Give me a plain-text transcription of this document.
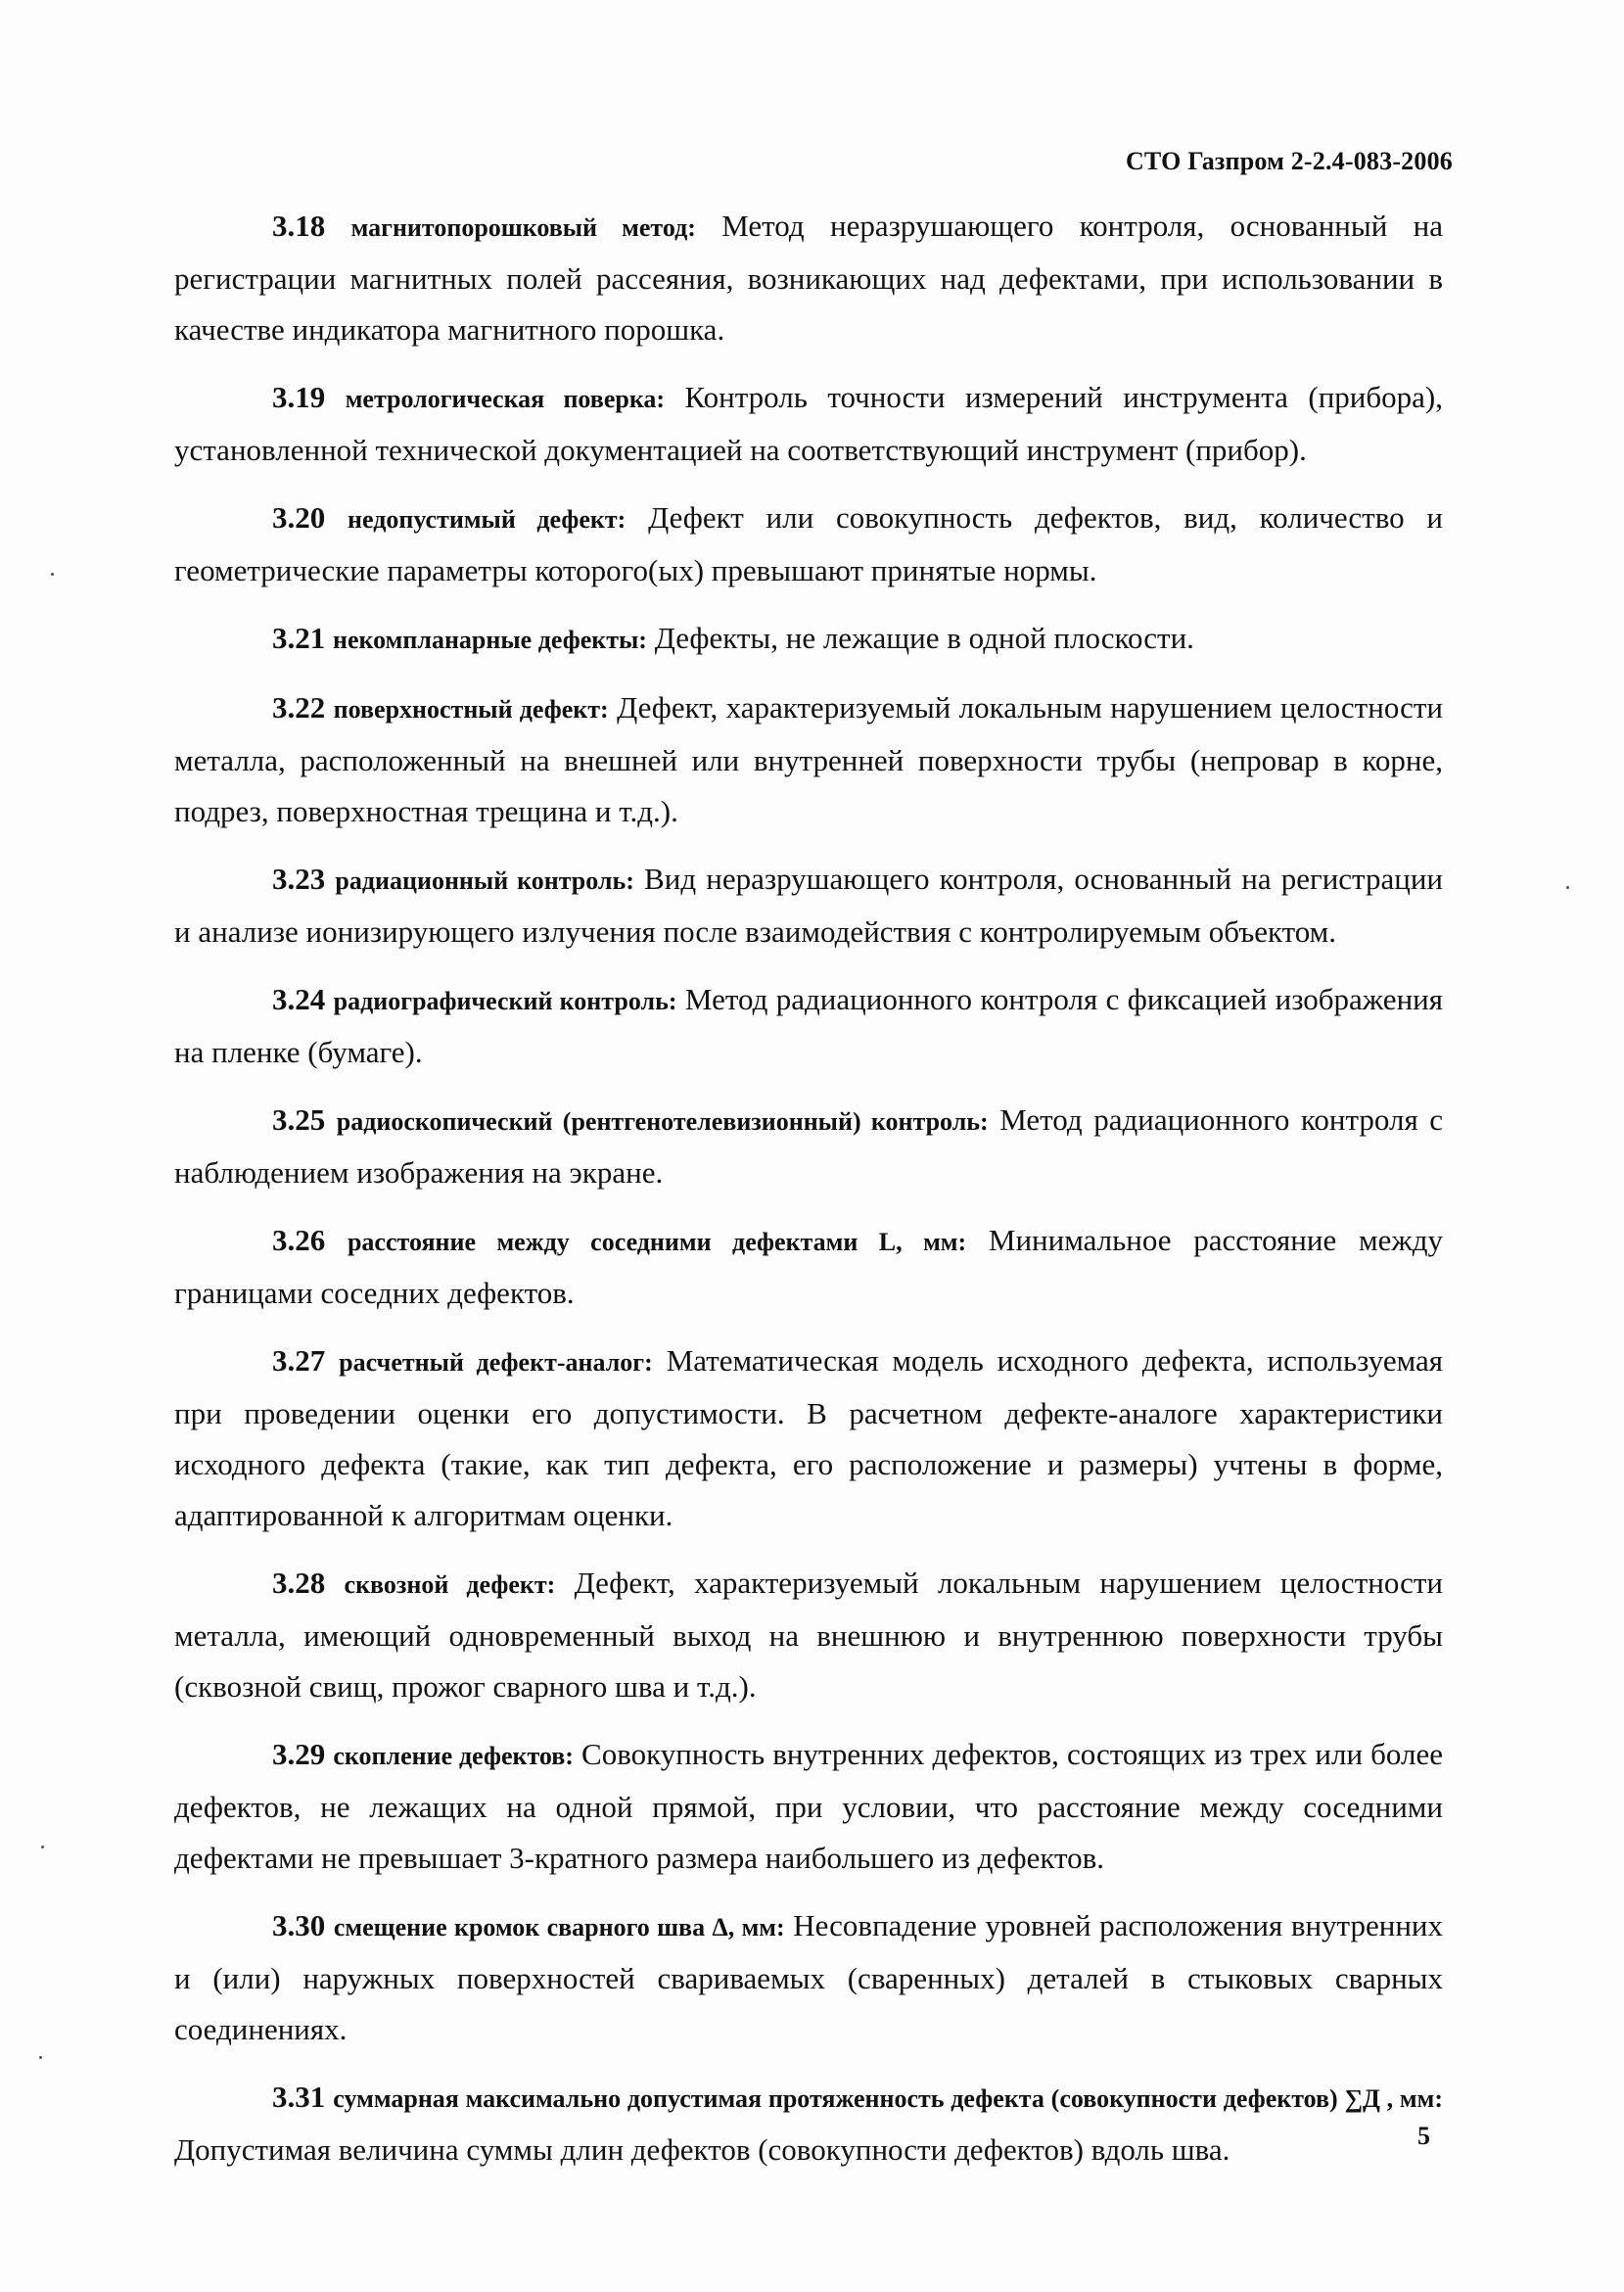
СТО Газпром 2-2.4-083-2006

3.18 магнитопорошковый метод: Метод неразрушающего контроля, основанный на регистрации магнитных полей рассеяния, возникающих над дефектами, при использовании в качестве индикатора магнитного порошка.

3.19 метрологическая поверка: Контроль точности измерений инструмента (прибора), установленной технической документацией на соответствующий инструмент (прибор).

3.20 недопустимый дефект: Дефект или совокупность дефектов, вид, количество и геометрические параметры которого(ых) превышают принятые нормы.

3.21 некомпланарные дефекты: Дефекты, не лежащие в одной плоскости.

3.22 поверхностный дефект: Дефект, характеризуемый локальным нарушением целостности металла, расположенный на внешней или внутренней поверхности трубы (непровар в корне, подрез, поверхностная трещина и т.д.).

3.23 радиационный контроль: Вид неразрушающего контроля, основанный на регистрации и анализе ионизирующего излучения после взаимодействия с контролируемым объектом.

3.24 радиографический контроль: Метод радиационного контроля с фиксацией изображения на пленке (бумаге).

3.25 радиоскопический (рентгенотелевизионный) контроль: Метод радиационного контроля с наблюдением изображения на экране.

3.26 расстояние между соседними дефектами L, мм: Минимальное расстояние между границами соседних дефектов.

3.27 расчетный дефект-аналог: Математическая модель исходного дефекта, используемая при проведении оценки его допустимости. В расчетном дефекте-аналоге характеристики исходного дефекта (такие, как тип дефекта, его расположение и размеры) учтены в форме, адаптированной к алгоритмам оценки.

3.28 сквозной дефект: Дефект, характеризуемый локальным нарушением целостности металла, имеющий одновременный выход на внешнюю и внутреннюю поверхности трубы (сквозной свищ, прожог сварного шва и т.д.).

3.29 скопление дефектов: Совокупность внутренних дефектов, состоящих из трех или более дефектов, не лежащих на одной прямой, при условии, что расстояние между соседними дефектами не превышает 3-кратного размера наибольшего из дефектов.

3.30 смещение кромок сварного шва Δ, мм: Несовпадение уровней расположения внутренних и (или) наружных поверхностей свариваемых (сваренных) деталей в стыковых сварных соединениях.

3.31 суммарная максимально допустимая протяженность дефекта (совокупности дефектов) ∑Д , мм: Допустимая величина суммы длин дефектов (совокупности дефектов) вдоль шва.	5
